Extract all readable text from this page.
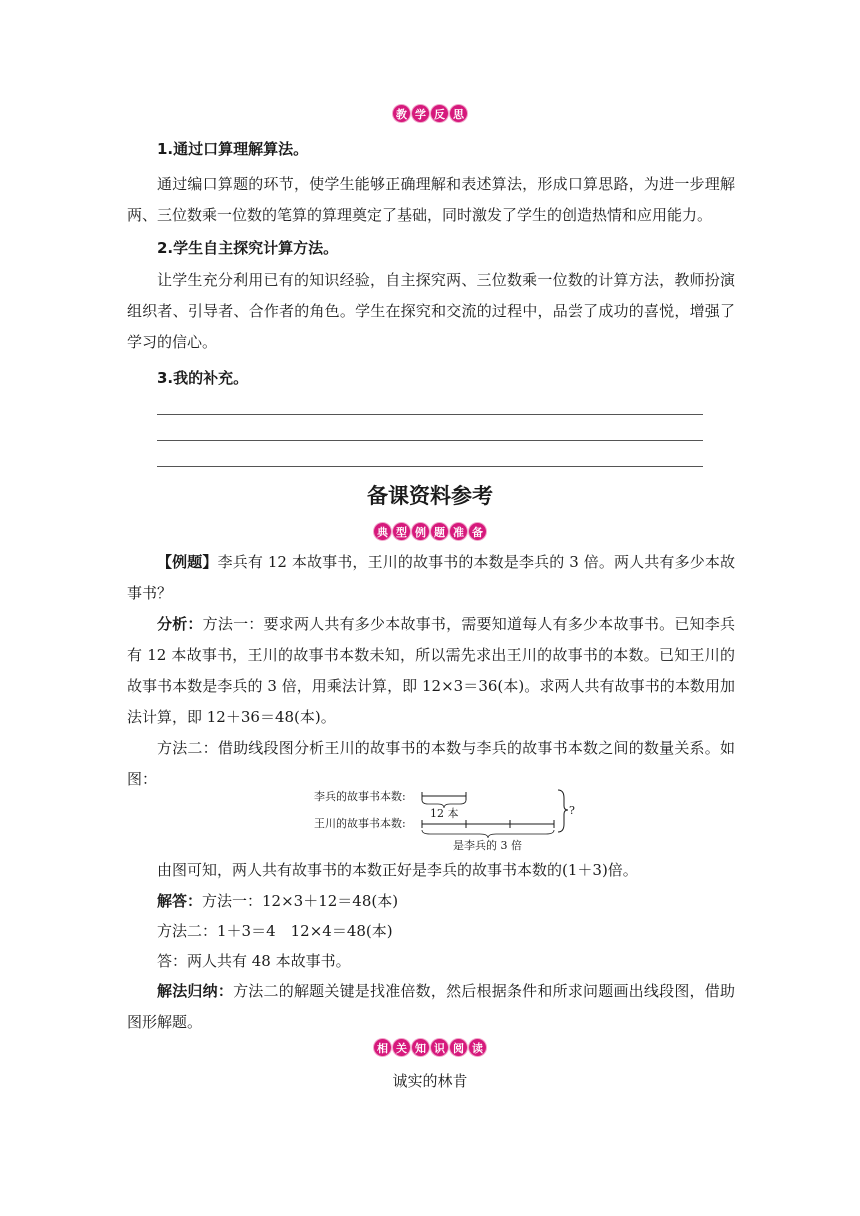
教 学 反 思

1.通过口算理解算法。

通过编口算题的环节，使学生能够正确理解和表述算法，形成口算思路，为进一步理解两、三位数乘一位数的笔算的算理奠定了基础，同时激发了学生的创造热情和应用能力。

2.学生自主探究计算方法。

让学生充分利用已有的知识经验，自主探究两、三位数乘一位数的计算方法，教师扮演组织者、引导者、合作者的角色。学生在探究和交流的过程中，品尝了成功的喜悦，增强了学习的信心。

3.我的补充。

备课资料参考

典 型 例 题 准 备

【例题】李兵有 12 本故事书，王川的故事书的本数是李兵的 3 倍。两人共有多少本故事书？

分析：方法一：要求两人共有多少本故事书，需要知道每人有多少本故事书。已知李兵有 12 本故事书，王川的故事书本数未知，所以需先求出王川的故事书的本数。已知王川的故事书本数是李兵的 3 倍，用乘法计算，即 12×3＝36(本)。求两人共有故事书的本数用加法计算，即 12＋36＝48(本)。

方法二：借助线段图分析王川的故事书的本数与李兵的故事书本数之间的数量关系。如图：

李兵的故事书本数:
12 本
王川的故事书本数:
是李兵的 3 倍
?

由图可知，两人共有故事书的本数正好是李兵的故事书本数的(1＋3)倍。

解答：方法一：12×3＋12＝48(本)

方法二：1＋3＝4　12×4＝48(本)

答：两人共有 48 本故事书。

解法归纳：方法二的解题关键是找准倍数，然后根据条件和所求问题画出线段图，借助图形解题。

相 关 知 识 阅 读

诚实的林肯
